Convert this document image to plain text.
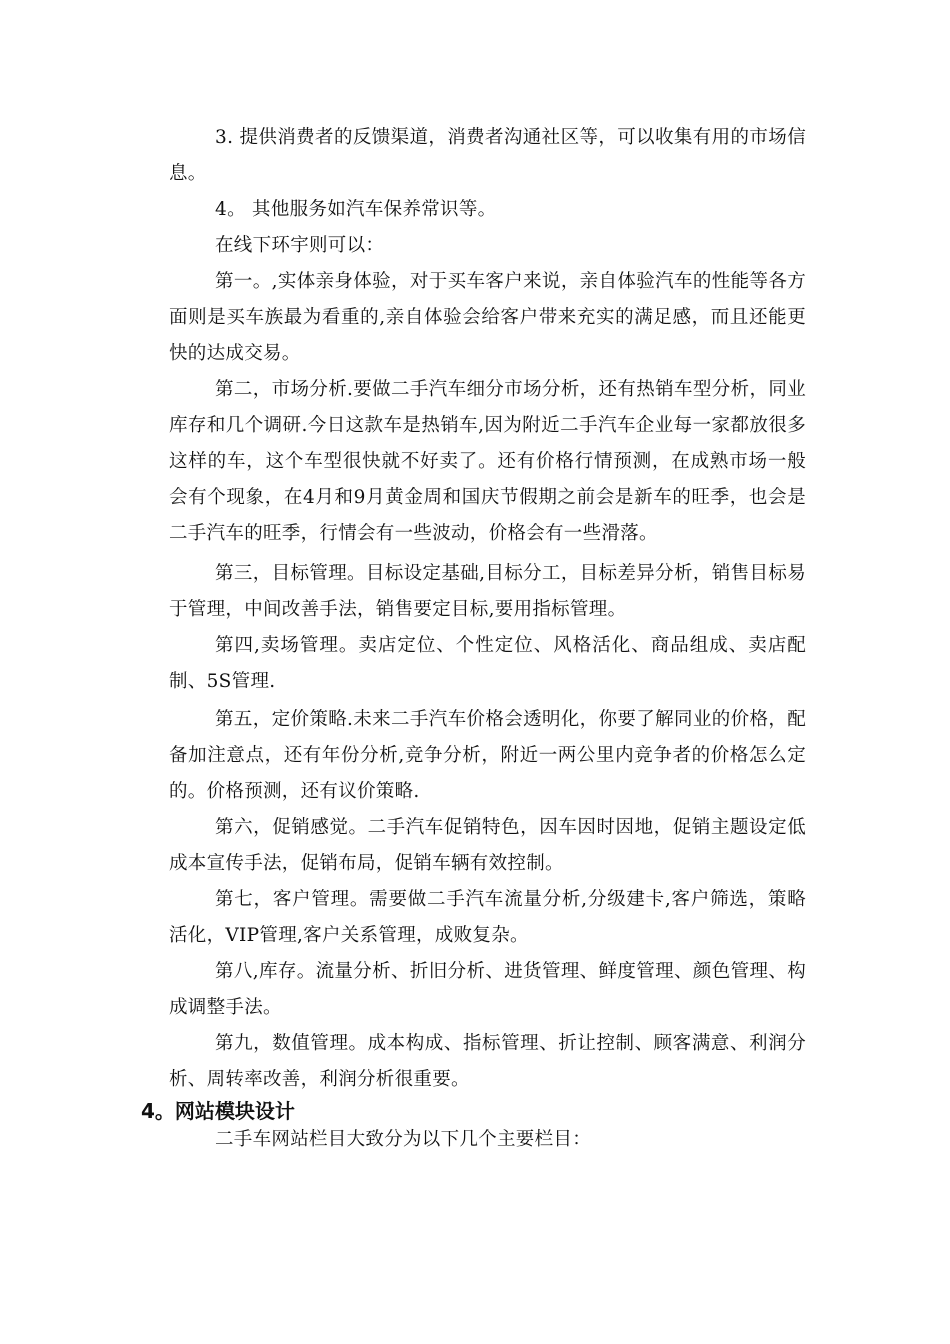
3. 提供消费者的反馈渠道，消费者沟通社区等，可以收集有用的市场信息。

4。 其他服务如汽车保养常识等。

在线下环宇则可以：

第一。,实体亲身体验，对于买车客户来说，亲自体验汽车的性能等各方面则是买车族最为看重的,亲自体验会给客户带来充实的满足感，而且还能更快的达成交易。

第二，市场分析.要做二手汽车细分市场分析，还有热销车型分析，同业库存和几个调研.今日这款车是热销车,因为附近二手汽车企业每一家都放很多这样的车，这个车型很快就不好卖了。还有价格行情预测，在成熟市场一般会有个现象，在4月和9月黄金周和国庆节假期之前会是新车的旺季，也会是二手汽车的旺季，行情会有一些波动，价格会有一些滑落。

第三，目标管理。目标设定基础,目标分工，目标差异分析，销售目标易于管理，中间改善手法，销售要定目标,要用指标管理。

第四,卖场管理。卖店定位、个性定位、风格活化、商品组成、卖店配制、5S管理.

第五，定价策略.未来二手汽车价格会透明化，你要了解同业的价格，配备加注意点，还有年份分析,竞争分析，附近一两公里内竞争者的价格怎么定的。价格预测，还有议价策略.

第六，促销感觉。二手汽车促销特色，因车因时因地，促销主题设定低成本宣传手法，促销布局，促销车辆有效控制。

第七，客户管理。需要做二手汽车流量分析,分级建卡,客户筛选，策略活化，VIP管理,客户关系管理，成败复杂。

第八,库存。流量分析、折旧分析、进货管理、鲜度管理、颜色管理、构成调整手法。

第九，数值管理。成本构成、指标管理、折让控制、顾客满意、利润分析、周转率改善，利润分析很重要。

4。网站模块设计

二手车网站栏目大致分为以下几个主要栏目：
